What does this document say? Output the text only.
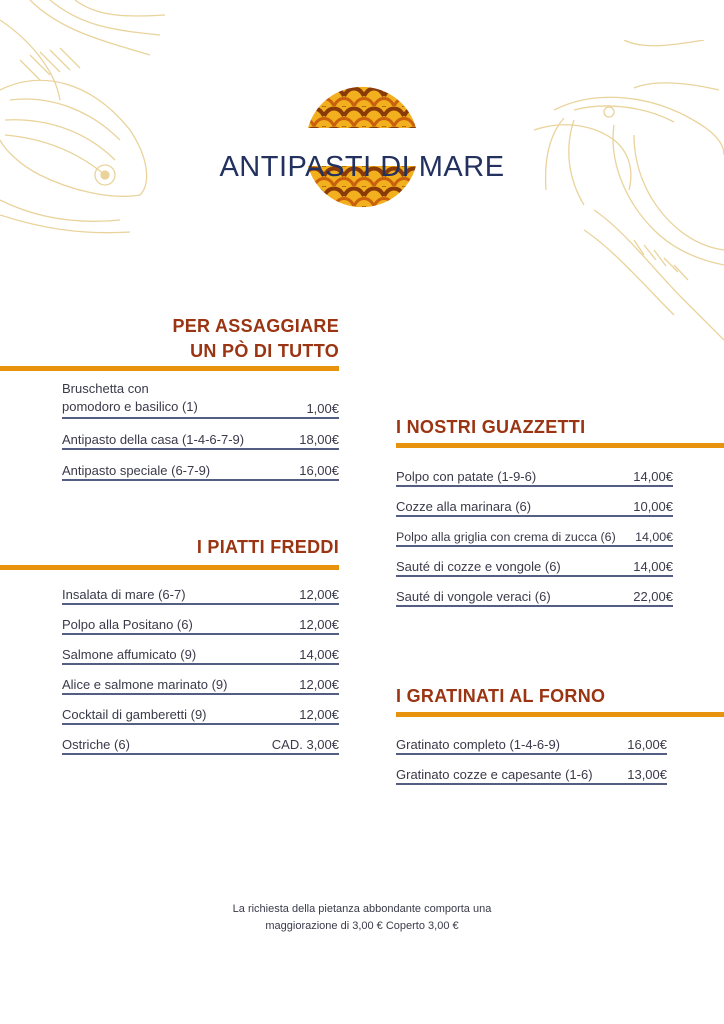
ANTIPASTI DI MARE
PER ASSAGGIARE
UN PÒ DI TUTTO
Bruschetta con
pomodoro e basilico (1)	1,00€
Antipasto della casa (1-4-6-7-9)	18,00€
Antipasto speciale (6-7-9)	16,00€
I PIATTI FREDDI
Insalata di mare (6-7)	12,00€
Polpo alla Positano (6)	12,00€
Salmone affumicato (9)	14,00€
Alice e salmone marinato (9)	12,00€
Cocktail di gamberetti (9)	12,00€
Ostriche (6)	CAD. 3,00€
I NOSTRI GUAZZETTI
Polpo con patate (1-9-6)	14,00€
Cozze alla marinara (6)	10,00€
Polpo alla griglia con crema di zucca (6)	14,00€
Sauté di cozze e vongole (6)	14,00€
Sauté di vongole veraci (6)	22,00€
I GRATINATI AL FORNO
Gratinato completo (1-4-6-9)	16,00€
Gratinato cozze e capesante (1-6)	13,00€
La richiesta della pietanza abbondante comporta una
maggiorazione di 3,00 € Coperto 3,00 €
